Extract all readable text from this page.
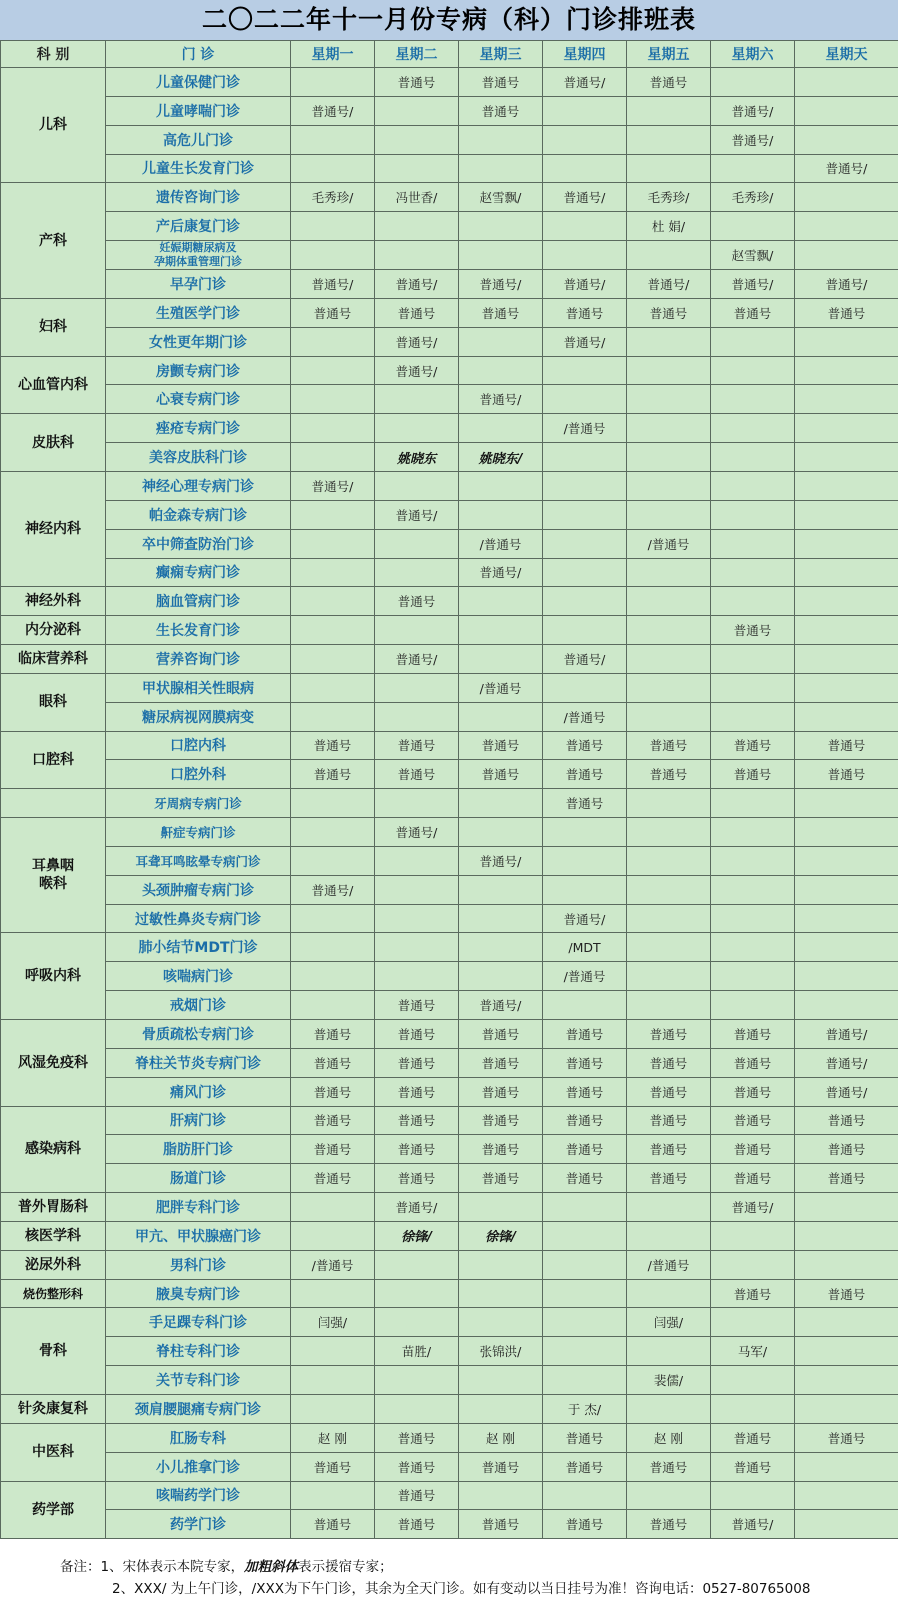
二〇二二年十一月份专病（科）门诊排班表
科 别	门 诊	星期一	星期二	星期三	星期四	星期五	星期六	星期天
儿科	儿童保健门诊		普通号	普通号	普通号/	普通号		
	儿童哮喘门诊	普通号/		普通号			普通号/	
	高危儿门诊						普通号/	
	儿童生长发育门诊							普通号/
产科	遗传咨询门诊	毛秀珍/	冯世香/	赵雪飘/	普通号/	毛秀珍/	毛秀珍/	
	产后康复门诊					杜 娟/		
	妊娠期糖尿病及
孕期体重管理门诊						赵雪飘/	
	早孕门诊	普通号/	普通号/	普通号/	普通号/	普通号/	普通号/	普通号/
妇科	生殖医学门诊	普通号	普通号	普通号	普通号	普通号	普通号	普通号
	女性更年期门诊		普通号/		普通号/			
心血管内科	房颤专病门诊		普通号/					
	心衰专病门诊			普通号/				
皮肤科	痤疮专病门诊				/普通号			
	美容皮肤科门诊		姚晓东	姚晓东/				
神经内科	神经心理专病门诊	普通号/						
	帕金森专病门诊		普通号/					
	卒中筛查防治门诊			/普通号		/普通号		
	癫痫专病门诊			普通号/				
神经外科	脑血管病门诊		普通号					
内分泌科	生长发育门诊						普通号	
临床营养科	营养咨询门诊		普通号/		普通号/			
眼科	甲状腺相关性眼病			/普通号				
	糖尿病视网膜病变				/普通号			
口腔科	口腔内科	普通号	普通号	普通号	普通号	普通号	普通号	普通号
	口腔外科	普通号	普通号	普通号	普通号	普通号	普通号	普通号
	牙周病专病门诊				普通号			
耳鼻咽
喉科	鼾症专病门诊		普通号/					
	耳聋耳鸣眩晕专病门诊			普通号/				
	头颈肿瘤专病门诊	普通号/						
	过敏性鼻炎专病门诊				普通号/			
呼吸内科	肺小结节MDT门诊				/MDT			
	咳喘病门诊				/普通号			
	戒烟门诊		普通号	普通号/				
风湿免疫科	骨质疏松专病门诊	普通号	普通号	普通号	普通号	普通号	普通号	普通号/
	脊柱关节炎专病门诊	普通号	普通号	普通号	普通号	普通号	普通号	普通号/
	痛风门诊	普通号	普通号	普通号	普通号	普通号	普通号	普通号/
感染病科	肝病门诊	普通号	普通号	普通号	普通号	普通号	普通号	普通号
	脂肪肝门诊	普通号	普通号	普通号	普通号	普通号	普通号	普通号
	肠道门诊	普通号	普通号	普通号	普通号	普通号	普通号	普通号
普外胃肠科	肥胖专科门诊		普通号/				普通号/	
核医学科	甲亢、甲状腺癌门诊		徐锋/	徐锋/				
泌尿外科	男科门诊	/普通号				/普通号		
烧伤整形科	腋臭专病门诊						普通号	普通号
骨科	手足踝专科门诊	闫强/				闫强/		
	脊柱专科门诊		苗胜/	张锦洪/			马军/	
	关节专科门诊					裴儒/		
针灸康复科	颈肩腰腿痛专病门诊				于 杰/			
中医科	肛肠专科	赵 刚	普通号	赵 刚	普通号	赵 刚	普通号	普通号
	小儿推拿门诊	普通号	普通号	普通号	普通号	普通号	普通号	
药学部	咳喘药学门诊		普通号					
	药学门诊	普通号	普通号	普通号	普通号	普通号	普通号/	
备注：1、宋体表示本院专家，加粗斜体表示援宿专家；
2、XXX/ 为上午门诊，/XXX为下午门诊，其余为全天门诊。如有变动以当日挂号为准！咨询电话：0527-80765008
